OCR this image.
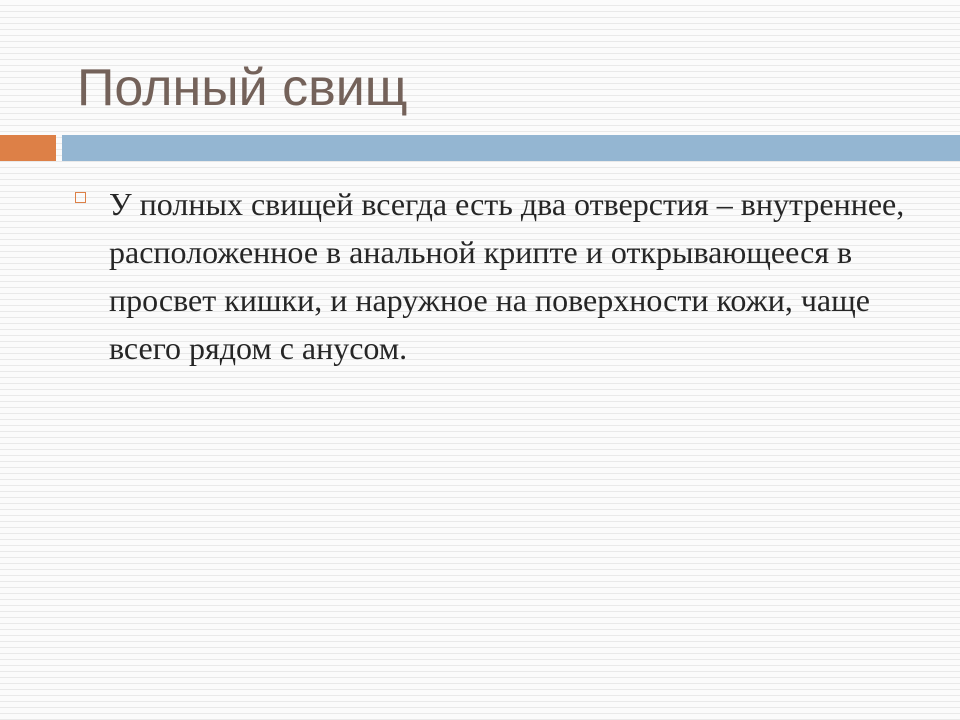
Полный свищ

У полных свищей всегда есть два отверстия – внутреннее, расположенное в анальной крипте и открывающееся в просвет кишки, и наружное на поверхности кожи, чаще всего рядом с анусом.
